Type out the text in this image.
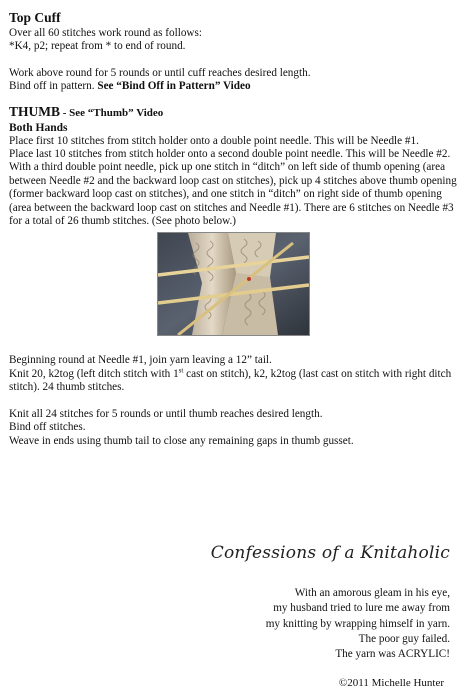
Top Cuff

Over all 60 stitches work round as follows:

*K4, p2; repeat from * to end of round.

Work above round for 5 rounds or until cuff reaches desired length.

Bind off in pattern. See “Bind Off in Pattern” Video

THUMB - See “Thumb” Video
Both Hands

Place first 10 stitches from stitch holder onto a double point needle. This will be Needle #1.

Place last 10 stitches from stitch holder onto a second double point needle. This will be Needle #2.

With a third double point needle, pick up one stitch in “ditch” on left side of thumb opening (area between Needle #2 and the backward loop cast on stitches), pick up 4 stitches above thumb opening (former backward loop cast on stitches), and one stitch in “ditch” on right side of thumb opening (area between the backward loop cast on stitches and Needle #1). There are 6 stitches on Needle #3 for a total of 26 thumb stitches. (See photo below.)

Beginning round at Needle #1, join yarn leaving a 12” tail.

Knit 20, k2tog (left ditch stitch with 1st cast on stitch), k2, k2tog (last cast on stitch with right ditch stitch). 24 thumb stitches.

Knit all 24 stitches for 5 rounds or until thumb reaches desired length.

Bind off stitches.

Weave in ends using thumb tail to close any remaining gaps in thumb gusset.

Confessions of a Knitaholic
With an amorous gleam in his eye,
my husband tried to lure me away from
my knitting by wrapping himself in yarn.
The poor guy failed.
The yarn was ACRYLIC!
©2011 Michelle Hunter
